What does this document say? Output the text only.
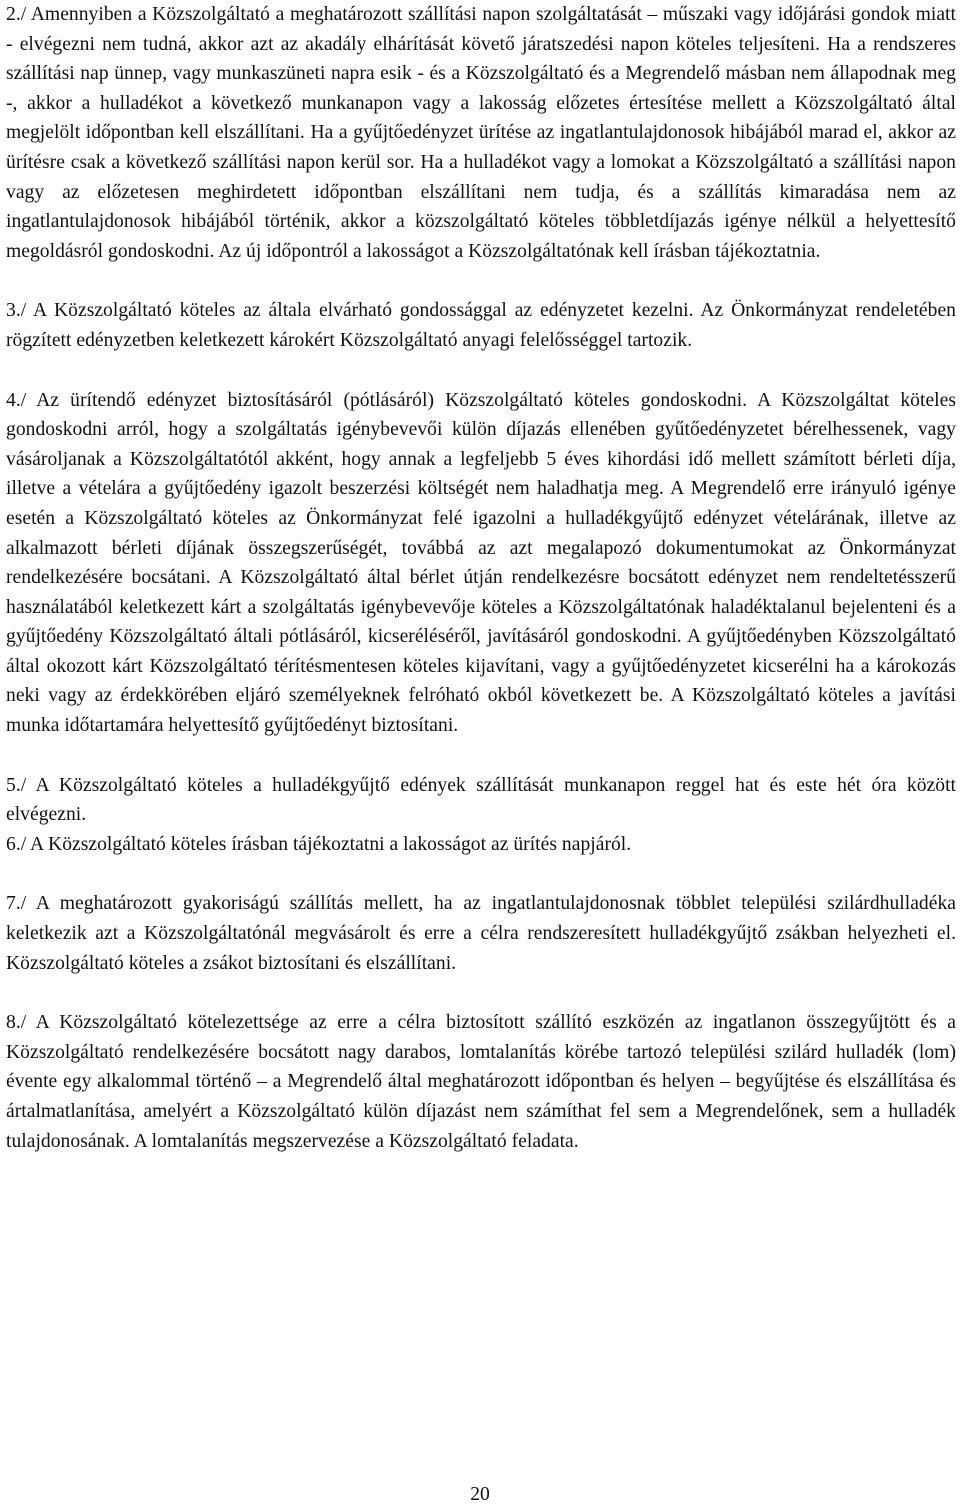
2./ Amennyiben a Közszolgáltató a meghatározott szállítási napon szolgáltatását – műszaki vagy időjárási gondok miatt - elvégezni nem tudná, akkor azt az akadály elhárítását követő járatszedési napon köteles teljesíteni. Ha a rendszeres szállítási nap ünnep, vagy munkaszüneti napra esik - és a Közszolgáltató és a Megrendelő másban nem állapodnak meg -, akkor a hulladékot a következő munkanapon vagy a lakosság előzetes értesítése mellett a Közszolgáltató által megjelölt időpontban kell elszállítani. Ha a gyűjtőedényzet ürítése az ingatlantulajdonosok hibájából marad el, akkor az ürítésre csak a következő szállítási napon kerül sor. Ha a hulladékot vagy a lomokat a Közszolgáltató a szállítási napon vagy az előzetesen meghirdetett időpontban elszállítani nem tudja, és a szállítás kimaradása nem az ingatlantulajdonosok hibájából történik, akkor a közszolgáltató köteles többletdíjazás igénye nélkül a helyettesítő megoldásról gondoskodni. Az új időpontról a lakosságot a Közszolgáltatónak kell írásban tájékoztatnia.

3./ A Közszolgáltató köteles az általa elvárható gondossággal az edényzetet kezelni. Az Önkormányzat rendeletében rögzített edényzetben keletkezett károkért Közszolgáltató anyagi felelősséggel tartozik.

4./ Az ürítendő edényzet biztosításáról (pótlásáról) Közszolgáltató köteles gondoskodni. A Közszolgáltat köteles gondoskodni arról, hogy a szolgáltatás igénybevevői külön díjazás ellenében gyűtőedényzetet bérelhessenek, vagy vásároljanak a Közszolgáltatótól akként, hogy annak a legfeljebb 5 éves kihordási idő mellett számított bérleti díja, illetve a vételára a gyűjtőedény igazolt beszerzési költségét nem haladhatja meg. A Megrendelő erre irányuló igénye esetén a Közszolgáltató köteles az Önkormányzat felé igazolni a hulladékgyűjtő edényzet vételárának, illetve az alkalmazott bérleti díjának összegszerűségét, továbbá az azt megalapozó dokumentumokat az Önkormányzat rendelkezésére bocsátani. A Közszolgáltató által bérlet útján rendelkezésre bocsátott edényzet nem rendeltetésszerű használatából keletkezett kárt a szolgáltatás igénybevevője köteles a Közszolgáltatónak haladéktalanul bejelenteni és a gyűjtőedény Közszolgáltató általi pótlásáról, kicseréléséről, javításáról gondoskodni. A gyűjtőedényben Közszolgáltató által okozott kárt Közszolgáltató térítésmentesen köteles kijavítani, vagy a gyűjtőedényzetet kicserélni ha a károkozás neki vagy az érdekkörében eljáró személyeknek felróható okból következett be. A Közszolgáltató köteles a javítási munka időtartamára helyettesítő gyűjtőedényt biztosítani.

5./ A Közszolgáltató köteles a hulladékgyűjtő edények szállítását munkanapon reggel hat és este hét óra között elvégezni.

6./ A Közszolgáltató köteles írásban tájékoztatni a lakosságot az ürítés napjáról.

7./ A meghatározott gyakoriságú szállítás mellett, ha az ingatlantulajdonosnak többlet települési szilárdhulladéka keletkezik azt a Közszolgáltatónál megvásárolt és erre a célra rendszeresített hulladékgyűjtő zsákban helyezheti el. Közszolgáltató köteles a zsákot biztosítani és elszállítani.

8./ A Közszolgáltató kötelezettsége az erre a célra biztosított szállító eszközén az ingatlanon összegyűjtött és a Közszolgáltató rendelkezésére bocsátott nagy darabos, lomtalanítás körébe tartozó települési szilárd hulladék (lom) évente egy alkalommal történő – a Megrendelő által meghatározott időpontban és helyen – begyűjtése és elszállítása és ártalmatlanítása, amelyért a Közszolgáltató külön díjazást nem számíthat fel sem a Megrendelőnek, sem a hulladék tulajdonosának. A lomtalanítás megszervezése a Közszolgáltató feladata.

20
